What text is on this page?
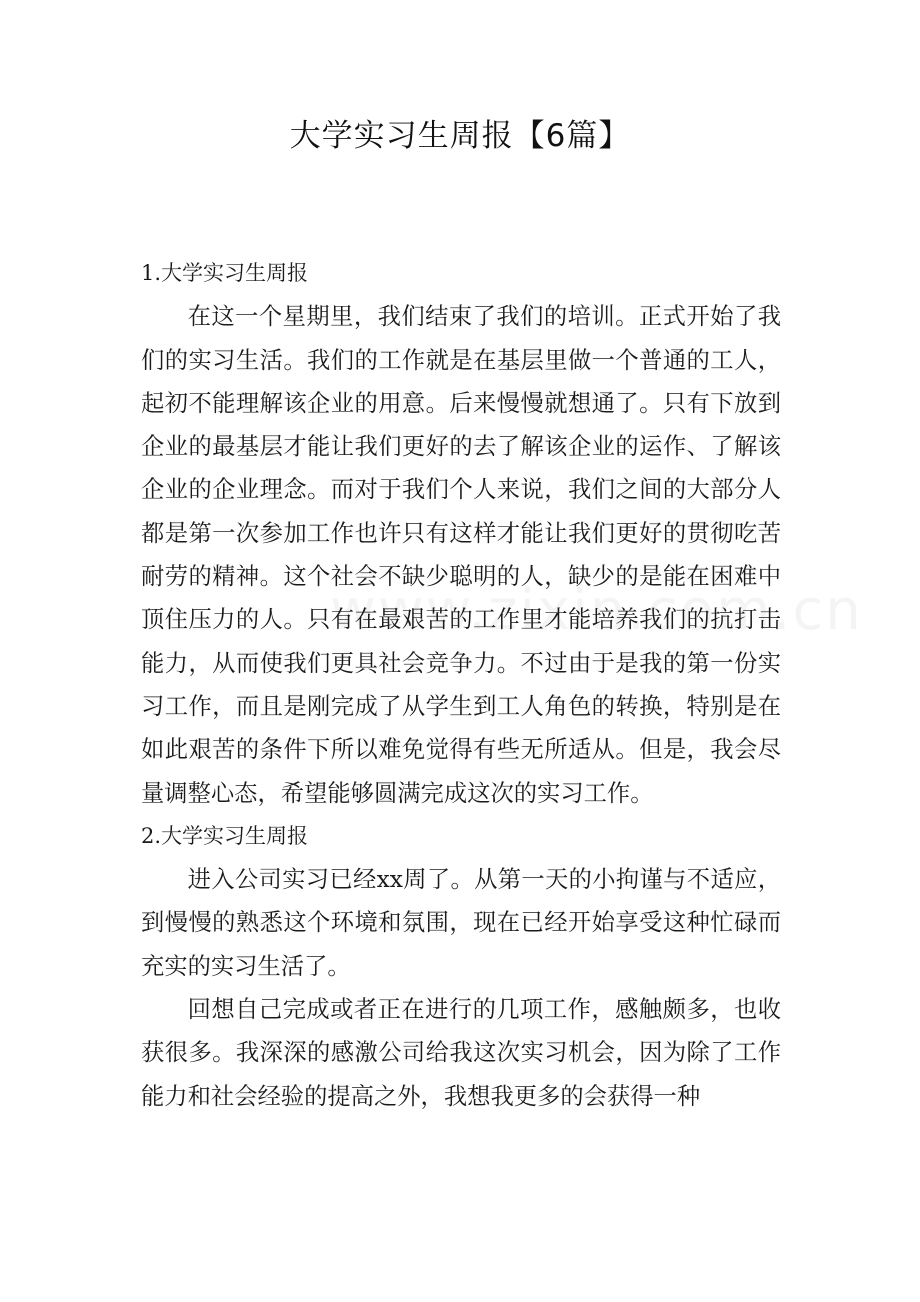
大学实习生周报【6篇】
1.大学实习生周报

在这一个星期里，我们结束了我们的培训。正式开始了我们的实习生活。我们的工作就是在基层里做一个普通的工人，起初不能理解该企业的用意。后来慢慢就想通了。只有下放到企业的最基层才能让我们更好的去了解该企业的运作、了解该企业的企业理念。而对于我们个人来说，我们之间的大部分人都是第一次参加工作也许只有这样才能让我们更好的贯彻吃苦耐劳的精神。这个社会不缺少聪明的人，缺少的是能在困难中顶住压力的人。只有在最艰苦的工作里才能培养我们的抗打击能力，从而使我们更具社会竞争力。不过由于是我的第一份实习工作，而且是刚完成了从学生到工人角色的转换，特别是在如此艰苦的条件下所以难免觉得有些无所适从。但是，我会尽量调整心态，希望能够圆满完成这次的实习工作。

2.大学实习生周报

进入公司实习已经xx周了。从第一天的小拘谨与不适应，到慢慢的熟悉这个环境和氛围，现在已经开始享受这种忙碌而充实的实习生活了。

回想自己完成或者正在进行的几项工作，感触颇多，也收获很多。我深深的感激公司给我这次实习机会，因为除了工作能力和社会经验的提高之外，我想我更多的会获得一种
